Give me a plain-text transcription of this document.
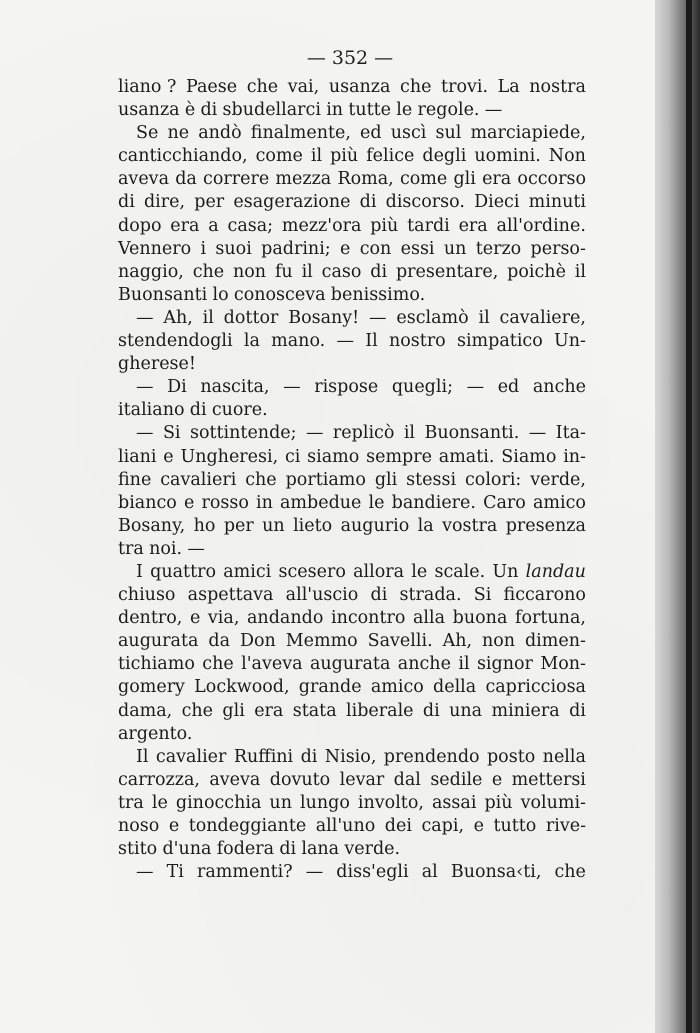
— 352 —
liano ? Paese che vai, usanza che trovi. La nostra
usanza è di sbudellarci in tutte le regole. —
Se ne andò finalmente, ed uscì sul marciapiede,
canticchiando, come il più felice degli uomini. Non
aveva da correre mezza Roma, come gli era occorso
di dire, per esagerazione di discorso. Dieci minuti
dopo era a casa; mezz'ora più tardi era all'ordine.
Vennero i suoi padrini; e con essi un terzo perso-
naggio, che non fu il caso di presentare, poichè il
Buonsanti lo conosceva benissimo.
— Ah, il dottor Bosany! — esclamò il cavaliere,
stendendogli la mano. — Il nostro simpatico Un-
gherese!
— Di nascita, — rispose quegli; — ed anche
italiano di cuore.
— Si sottintende; — replicò il Buonsanti. — Ita-
liani e Ungheresi, ci siamo sempre amati. Siamo in-
fine cavalieri che portiamo gli stessi colori: verde,
bianco e rosso in ambedue le bandiere. Caro amico
Bosany, ho per un lieto augurio la vostra presenza
tra noi. —
I quattro amici scesero allora le scale. Un landau
chiuso aspettava all'uscio di strada. Si ficcarono
dentro, e via, andando incontro alla buona fortuna,
augurata da Don Memmo Savelli. Ah, non dimen-
tichiamo che l'aveva augurata anche il signor Mon-
gomery Lockwood, grande amico della capricciosa
dama, che gli era stata liberale di una miniera di
argento.
Il cavalier Ruffini di Nisio, prendendo posto nella
carrozza, aveva dovuto levar dal sedile e mettersi
tra le ginocchia un lungo involto, assai più volumi-
noso e tondeggiante all'uno dei capi, e tutto rive-
stito d'una fodera di lana verde.
— Ti rammenti? — diss'egli al Buonsa‹ti, che
